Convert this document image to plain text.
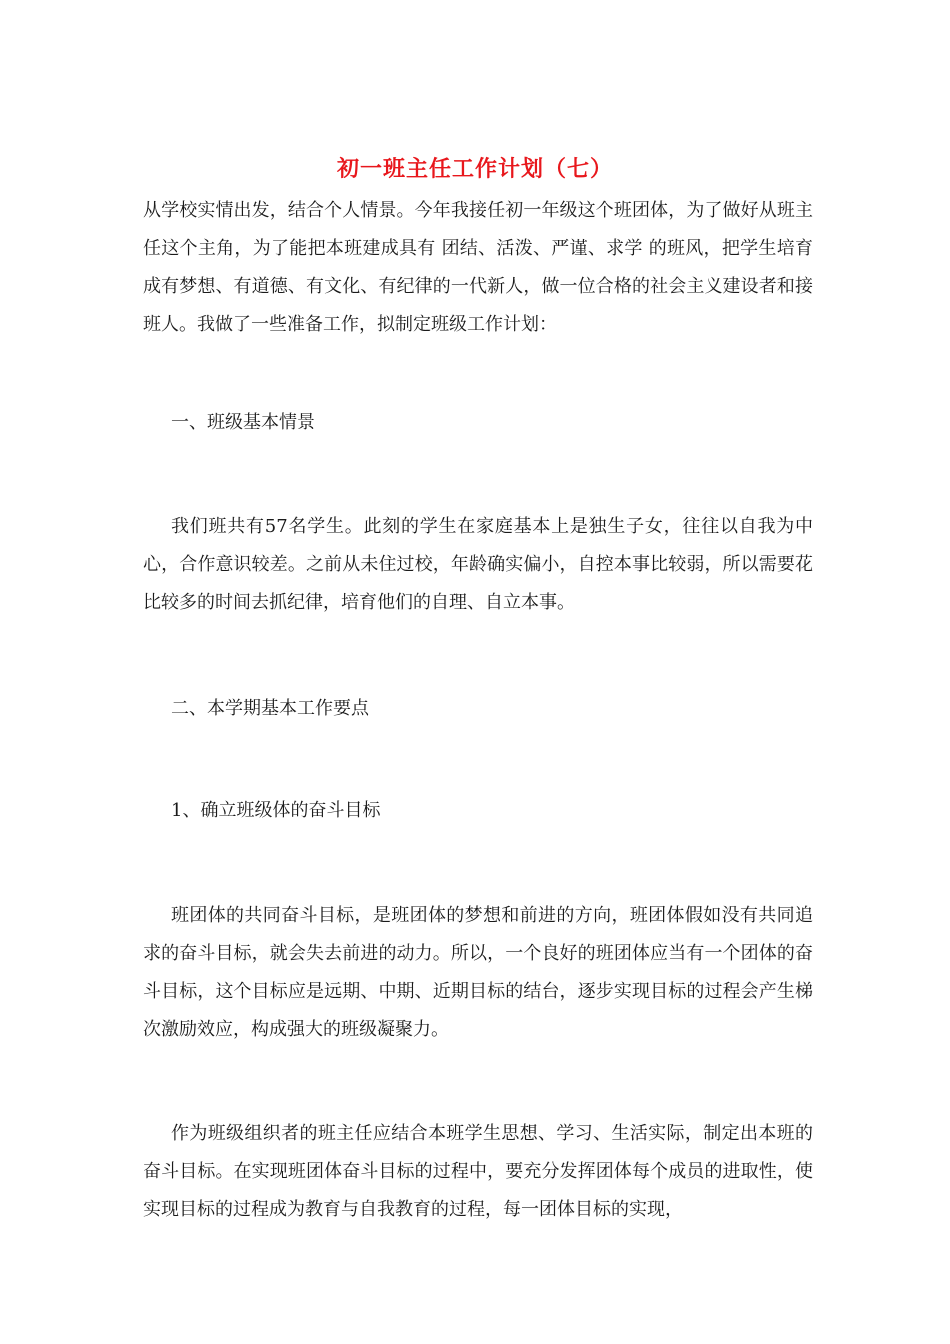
初一班主任工作计划（七）

从学校实情出发，结合个人情景。今年我接任初一年级这个班团体，为了做好从班主任这个主角，为了能把本班建成具有 团结、活泼、严谨、求学 的班风，把学生培育成有梦想、有道德、有文化、有纪律的一代新人，做一位合格的社会主义建设者和接班人。我做了一些准备工作，拟制定班级工作计划：

一、班级基本情景

我们班共有57名学生。此刻的学生在家庭基本上是独生子女，往往以自我为中心，合作意识较差。之前从未住过校，年龄确实偏小，自控本事比较弱，所以需要花比较多的时间去抓纪律，培育他们的自理、自立本事。

二、本学期基本工作要点

1、确立班级体的奋斗目标

班团体的共同奋斗目标，是班团体的梦想和前进的方向，班团体假如没有共同追求的奋斗目标，就会失去前进的动力。所以，一个良好的班团体应当有一个团体的奋斗目标，这个目标应是远期、中期、近期目标的结台，逐步实现目标的过程会产生梯次激励效应，构成强大的班级凝聚力。

作为班级组织者的班主任应结合本班学生思想、学习、生活实际，制定出本班的奋斗目标。在实现班团体奋斗目标的过程中，要充分发挥团体每个成员的进取性，使实现目标的过程成为教育与自我教育的过程，每一团体目标的实现，
